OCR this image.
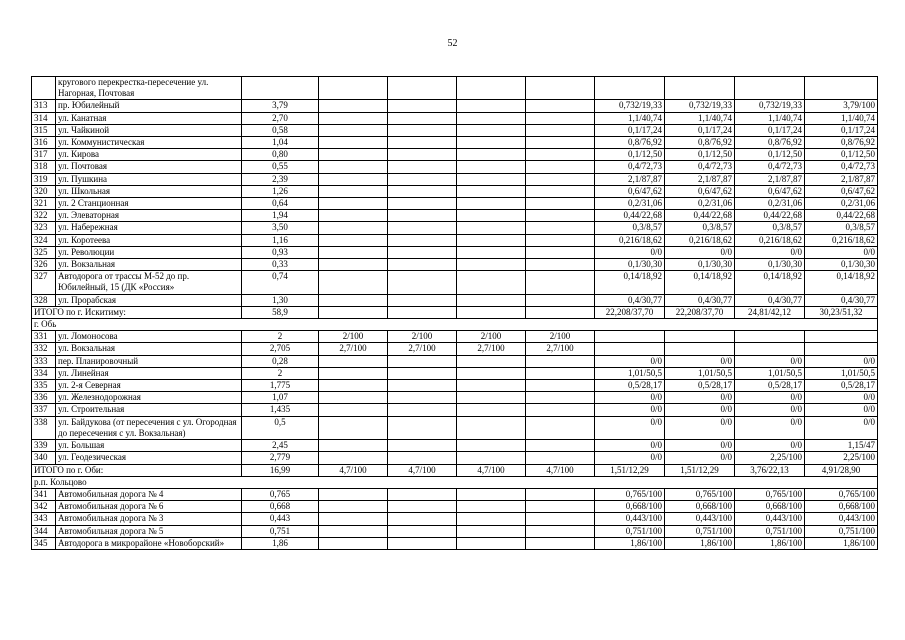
52
	кругового перекрестка-пересечение ул. Нагорная, Почтовая									
313	пр. Юбилейный	3,79					0,732/19,33	0,732/19,33	0,732/19,33	3,79/100
314	ул. Канатная	2,70					1,1/40,74	1,1/40,74	1,1/40,74	1,1/40,74
315	ул. Чайкиной	0,58					0,1/17,24	0,1/17,24	0,1/17,24	0,1/17,24
316	ул. Коммунистическая	1,04					0,8/76,92	0,8/76,92	0,8/76,92	0,8/76,92
317	ул. Кирова	0,80					0,1/12,50	0,1/12,50	0,1/12,50	0,1/12,50
318	ул. Почтовая	0,55					0,4/72,73	0,4/72,73	0,4/72,73	0,4/72,73
319	ул. Пушкина	2,39					2,1/87,87	2,1/87,87	2,1/87,87	2,1/87,87
320	ул. Школьная	1,26					0,6/47,62	0,6/47,62	0,6/47,62	0,6/47,62
321	ул. 2 Станционная	0,64					0,2/31,06	0,2/31,06	0,2/31,06	0,2/31,06
322	ул. Элеваторная	1,94					0,44/22,68	0,44/22,68	0,44/22,68	0,44/22,68
323	ул. Набережная	3,50					0,3/8,57	0,3/8,57	0,3/8,57	0,3/8,57
324	ул. Коротеева	1,16					0,216/18,62	0,216/18,62	0,216/18,62	0,216/18,62
325	ул. Революции	0,93					0/0	0/0	0/0	0/0
326	ул. Вокзальная	0,33					0,1/30,30	0,1/30,30	0,1/30,30	0,1/30,30
327	Автодорога от трассы М-52 до пр. Юбилейный, 15 (ДК «Россия»	0,74					0,14/18,92	0,14/18,92	0,14/18,92	0,14/18,92
328	ул. Прорабская	1,30					0,4/30,77	0,4/30,77	0,4/30,77	0,4/30,77
ИТОГО по г. Искитиму:		58,9					22,208/37,70	22,208/37,70	24,81/42,12	30,23/51,32
г. Обь										
331	ул. Ломоносова	2	2/100	2/100	2/100	2/100				
332	ул. Вокзальная	2,705	2,7/100	2,7/100	2,7/100	2,7/100				
333	пер. Планировочный	0,28					0/0	0/0	0/0	0/0
334	ул. Линейная	2					1,01/50,5	1,01/50,5	1,01/50,5	1,01/50,5
335	ул. 2-я Северная	1,775					0,5/28,17	0,5/28,17	0,5/28,17	0,5/28,17
336	ул. Железнодорожная	1,07					0/0	0/0	0/0	0/0
337	ул. Строительная	1,435					0/0	0/0	0/0	0/0
338	ул. Байдукова (от пересечения с ул. Огородная до пересечения с ул. Вокзальная)	0,5					0/0	0/0	0/0	0/0
339	ул. Большая	2,45					0/0	0/0	0/0	1,15/47
340	ул. Геодезическая	2,779					0/0	0/0	2,25/100	2,25/100
ИТОГО по г. Оби:		16,99	4,7/100	4,7/100	4,7/100	4,7/100	1,51/12,29	1,51/12,29	3,76/22,13	4,91/28,90
р.п. Кольцово										
341	Автомобильная дорога № 4	0,765					0,765/100	0,765/100	0,765/100	0,765/100
342	Автомобильная дорога № 6	0,668					0,668/100	0,668/100	0,668/100	0,668/100
343	Автомобильная дорога № 3	0,443					0,443/100	0,443/100	0,443/100	0,443/100
344	Автомобильная дорога № 5	0,751					0,751/100	0,751/100	0,751/100	0,751/100
345	Автодорога в микрорайоне «Новоборский»	1,86					1,86/100	1,86/100	1,86/100	1,86/100
